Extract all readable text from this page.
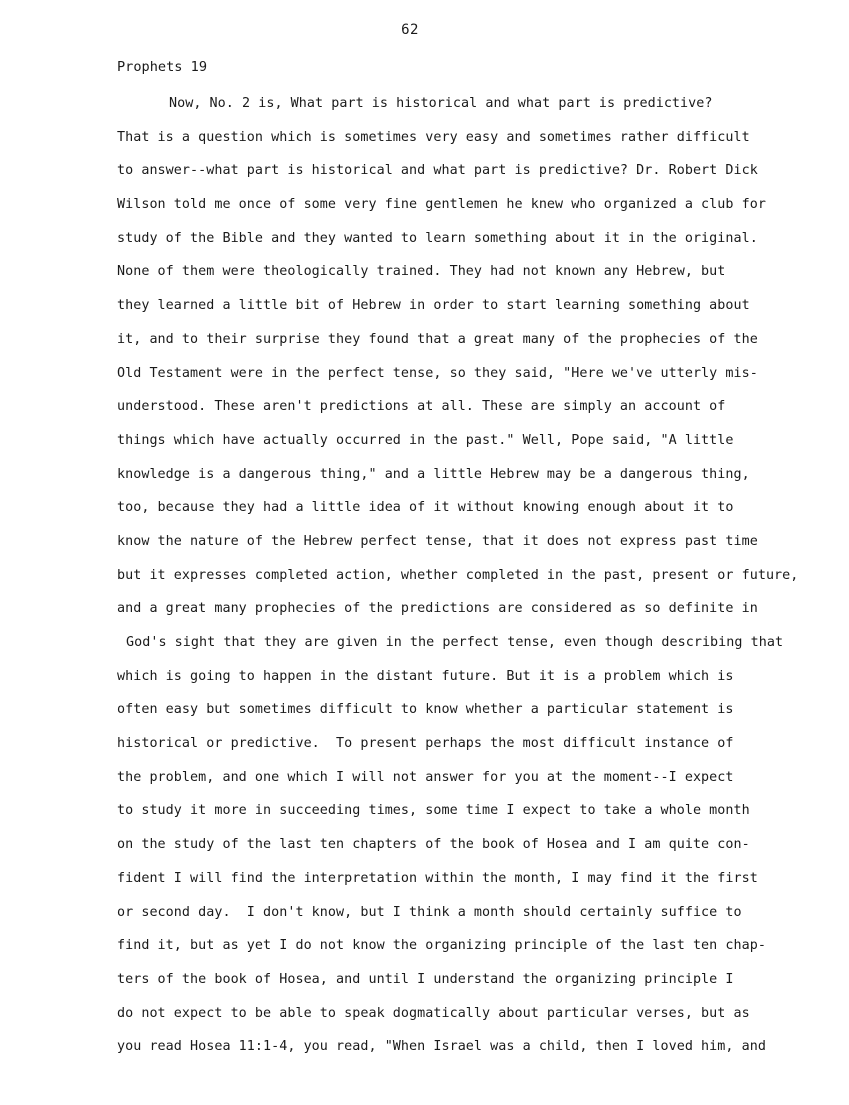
62
Prophets 19
Now, No. 2 is, What part is historical and what part is predictive?
That is a question which is sometimes very easy and sometimes rather difficult
to answer--what part is historical and what part is predictive? Dr. Robert Dick
Wilson told me once of some very fine gentlemen he knew who organized a club for
study of the Bible and they wanted to learn something about it in the original.
None of them were theologically trained. They had not known any Hebrew, but
they learned a little bit of Hebrew in order to start learning something about
it, and to their surprise they found that a great many of the prophecies of the
Old Testament were in the perfect tense, so they said, "Here we've utterly mis-
understood. These aren't predictions at all. These are simply an account of
things which have actually occurred in the past." Well, Pope said, "A little
knowledge is a dangerous thing," and a little Hebrew may be a dangerous thing,
too, because they had a little idea of it without knowing enough about it to
know the nature of the Hebrew perfect tense, that it does not express past time
but it expresses completed action, whether completed in the past, present or future,
and a great many prophecies of the predictions are considered as so definite in
God's sight that they are given in the perfect tense, even though describing that
which is going to happen in the distant future. But it is a problem which is
often easy but sometimes difficult to know whether a particular statement is
historical or predictive.  To present perhaps the most difficult instance of
the problem, and one which I will not answer for you at the moment--I expect
to study it more in succeeding times, some time I expect to take a whole month
on the study of the last ten chapters of the book of Hosea and I am quite con-
fident I will find the interpretation within the month, I may find it the first
or second day.  I don't know, but I think a month should certainly suffice to
find it, but as yet I do not know the organizing principle of the last ten chap-
ters of the book of Hosea, and until I understand the organizing principle I
do not expect to be able to speak dogmatically about particular verses, but as
you read Hosea 11:1-4, you read, "When Israel was a child, then I loved him, and
